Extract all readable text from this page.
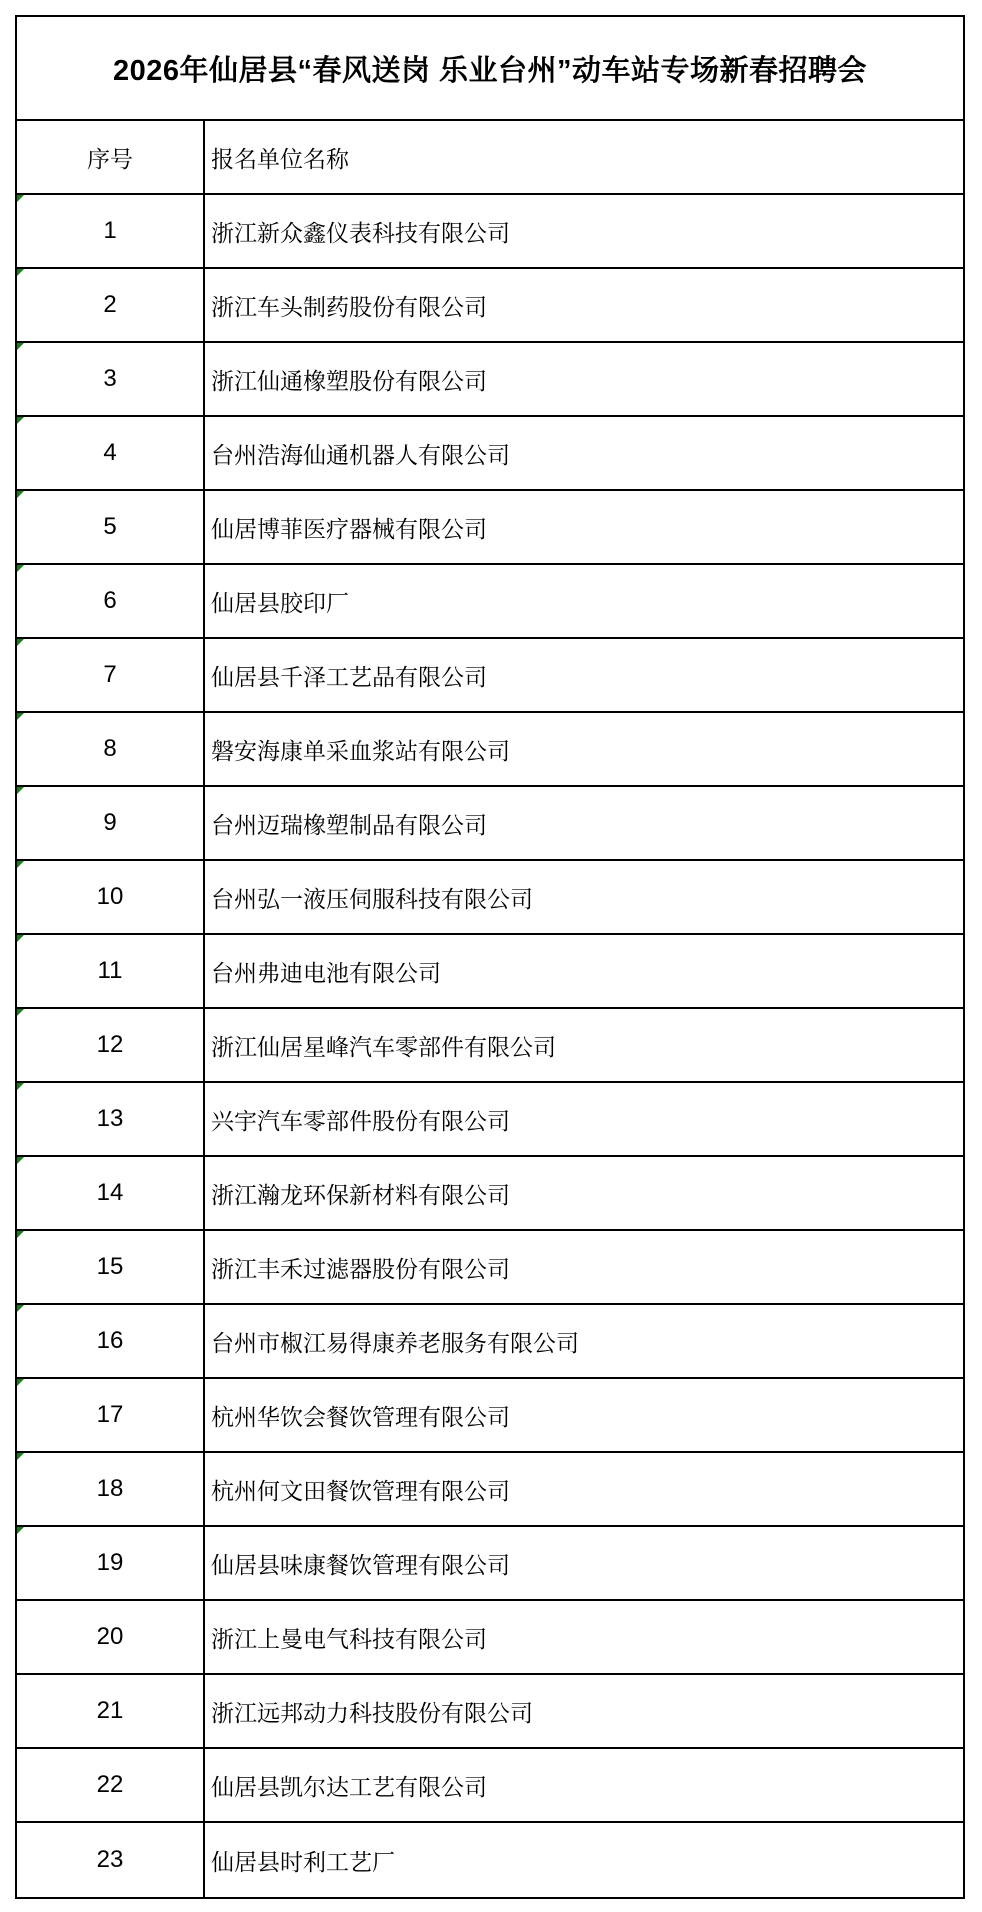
2026年仙居县“春风送岗 乐业台州”动车站专场新春招聘会
序号	报名单位名称
1	浙江新众鑫仪表科技有限公司
2	浙江车头制药股份有限公司
3	浙江仙通橡塑股份有限公司
4	台州浩海仙通机器人有限公司
5	仙居博菲医疗器械有限公司
6	仙居县胶印厂
7	仙居县千泽工艺品有限公司
8	磐安海康单采血浆站有限公司
9	台州迈瑞橡塑制品有限公司
10	台州弘一液压伺服科技有限公司
11	台州弗迪电池有限公司
12	浙江仙居星峰汽车零部件有限公司
13	兴宇汽车零部件股份有限公司
14	浙江瀚龙环保新材料有限公司
15	浙江丰禾过滤器股份有限公司
16	台州市椒江易得康养老服务有限公司
17	杭州华饮会餐饮管理有限公司
18	杭州何文田餐饮管理有限公司
19	仙居县味康餐饮管理有限公司
20	浙江上曼电气科技有限公司
21	浙江远邦动力科技股份有限公司
22	仙居县凯尔达工艺有限公司
23	仙居县时利工艺厂
